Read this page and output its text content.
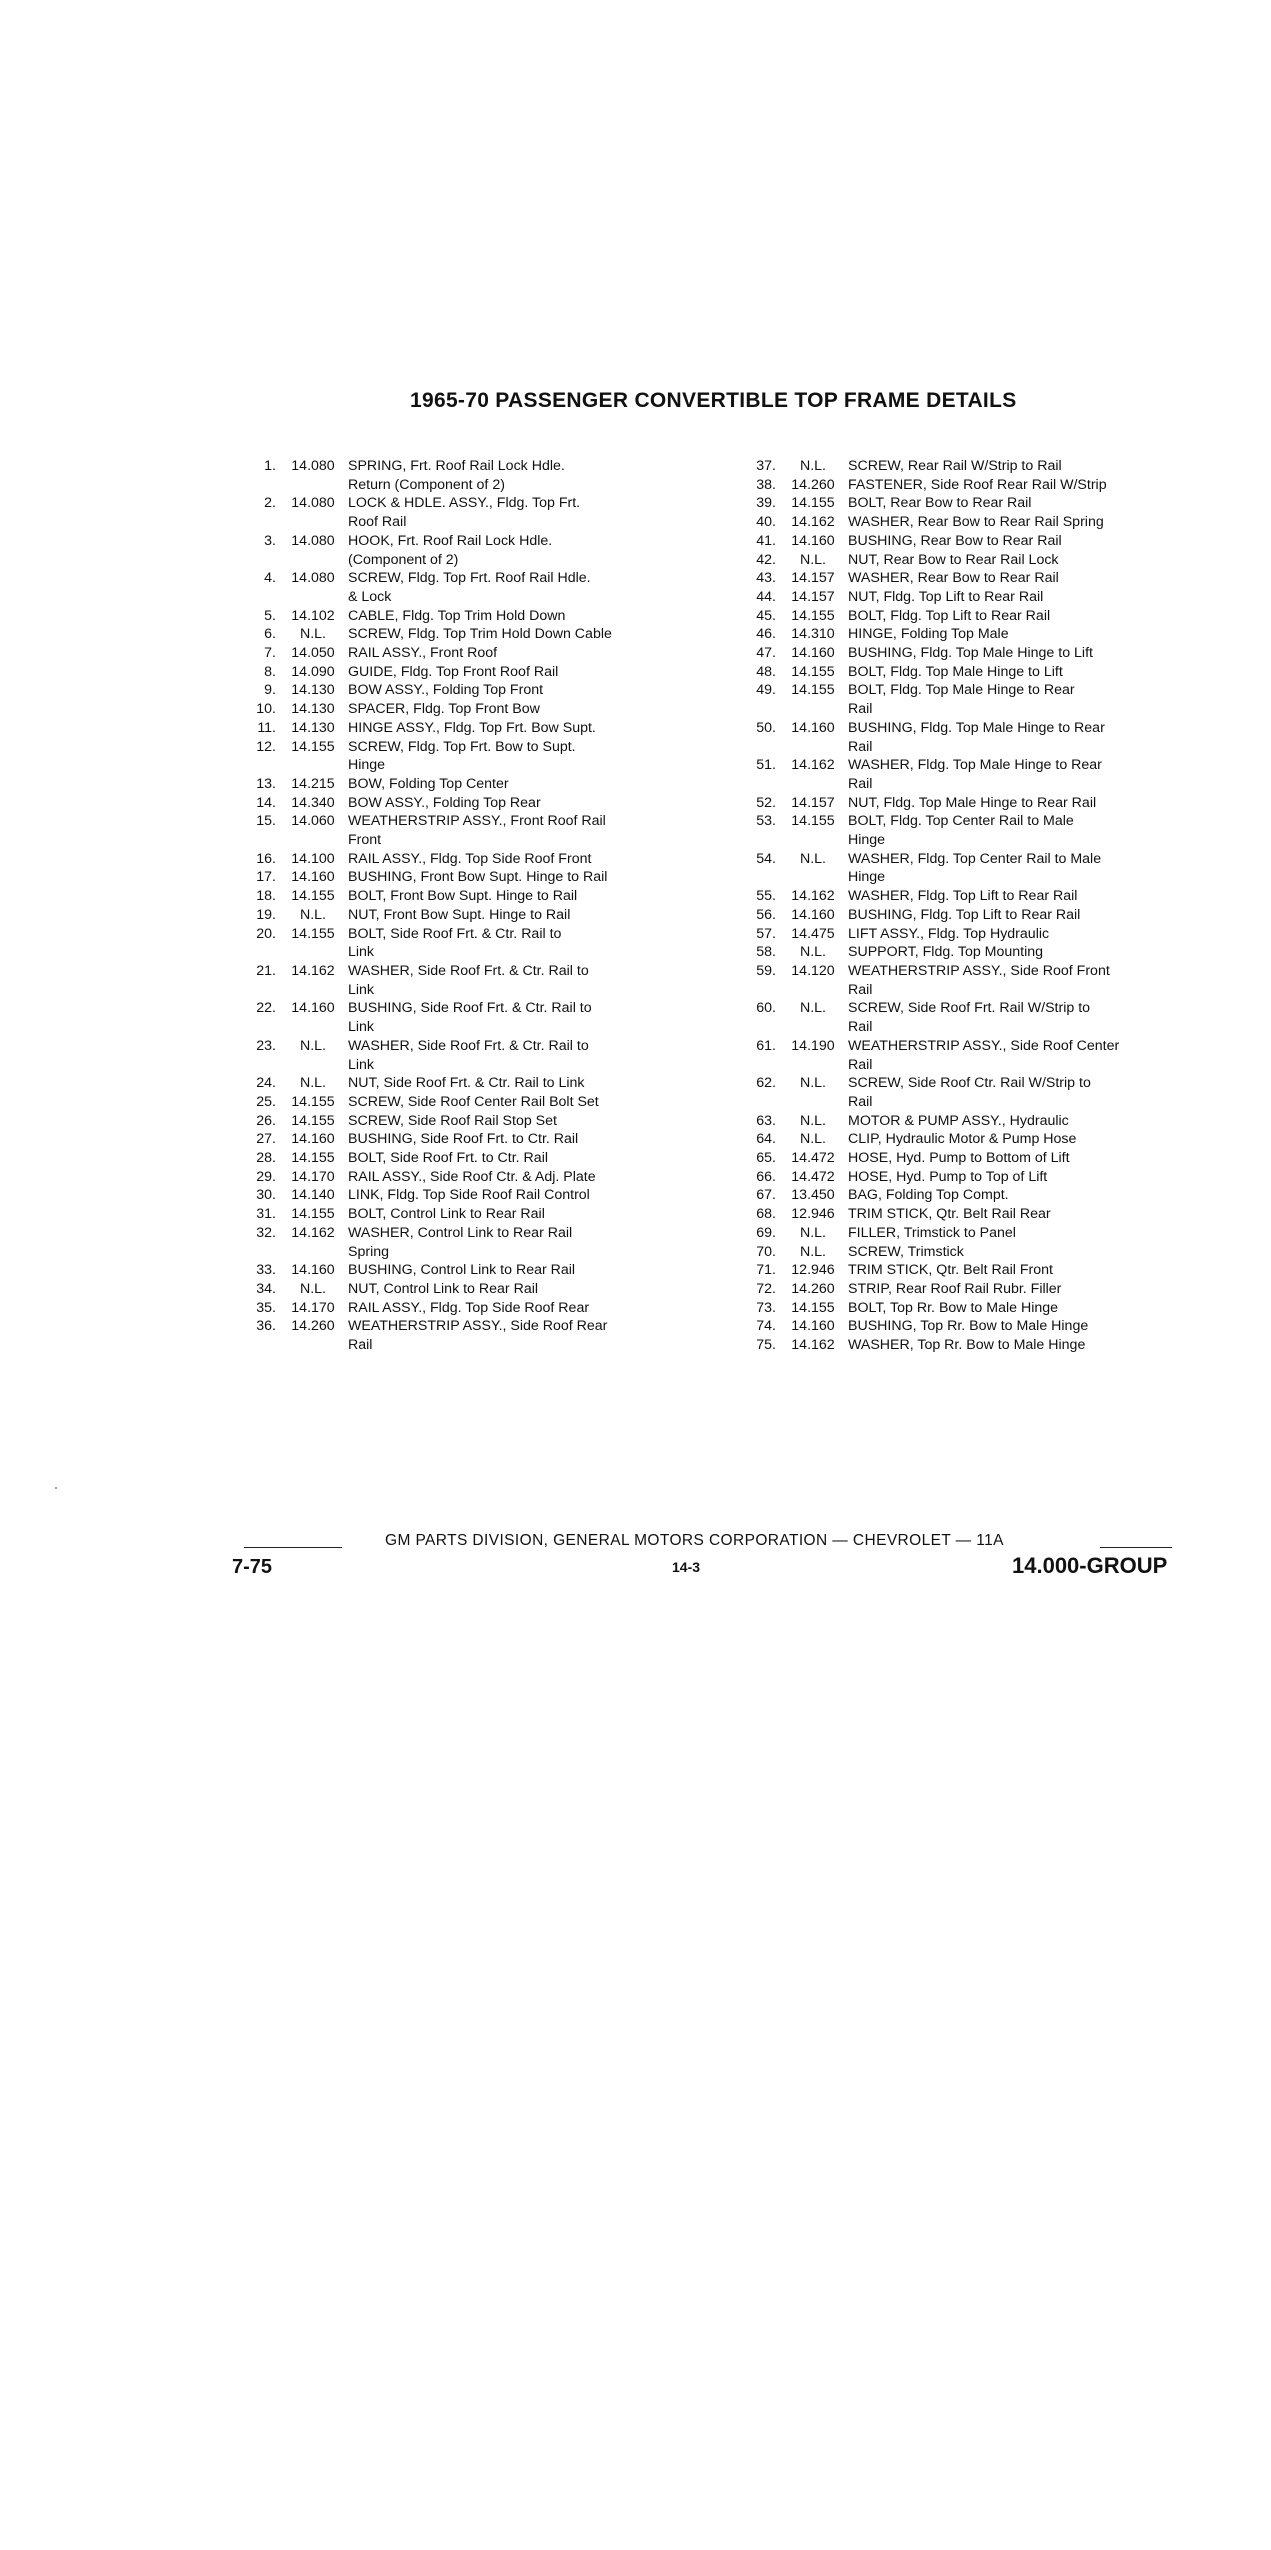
1965-70 PASSENGER CONVERTIBLE TOP FRAME DETAILS
1.	14.080 SPRING, Frt. Roof Rail Lock Hdle.
Return (Component of 2)
2.	14.080 LOCK & HDLE. ASSY., Fldg. Top Frt.
Roof Rail
3.	14.080 HOOK, Frt. Roof Rail Lock Hdle.
(Component of 2)
4.	14.080 SCREW, Fldg. Top Frt. Roof Rail Hdle.
& Lock
5.	14.102 CABLE, Fldg. Top Trim Hold Down
6.	N.L.	SCREW, Fldg. Top Trim Hold Down Cable
7.	14.050 RAIL ASSY., Front Roof
8.	14.090 GUIDE, Fldg. Top Front Roof Rail
9.	14.130 BOW ASSY., Folding Top Front
10.	14.130 SPACER, Fldg. Top Front Bow
11.	14.130 HINGE ASSY., Fldg. Top Frt. Bow Supt.
12.	14.155 SCREW, Fldg. Top Frt. Bow to Supt.
Hinge
13.	14.215 BOW, Folding Top Center
14.	14.340 BOW ASSY., Folding Top Rear
15.	14.060 WEATHERSTRIP ASSY., Front Roof Rail
Front
16.	14.100 RAIL ASSY., Fldg. Top Side Roof Front
17.	14.160 BUSHING, Front Bow Supt. Hinge to Rail
18.	14.155 BOLT, Front Bow Supt. Hinge to Rail
19.	N.L.	NUT, Front Bow Supt. Hinge to Rail
20.	14.155 BOLT, Side Roof Frt. & Ctr. Rail to
Link
21.	14.162 WASHER, Side Roof Frt. & Ctr. Rail to
Link
22.	14.160 BUSHING, Side Roof Frt. & Ctr. Rail to
Link
23.	N.L.	WASHER, Side Roof Frt. & Ctr. Rail to
Link
24.	N.L.	NUT, Side Roof Frt. & Ctr. Rail to Link
25.	14.155 SCREW, Side Roof Center Rail Bolt Set
26.	14.155 SCREW, Side Roof Rail Stop Set
27.	14.160 BUSHING, Side Roof Frt. to Ctr. Rail
28.	14.155 BOLT, Side Roof Frt. to Ctr. Rail
29.	14.170 RAIL ASSY., Side Roof Ctr. & Adj. Plate
30.	14.140 LINK, Fldg. Top Side Roof Rail Control
31.	14.155 BOLT, Control Link to Rear Rail
32.	14.162 WASHER, Control Link to Rear Rail
Spring
33.	14.160 BUSHING, Control Link to Rear Rail
34.	N.L.	NUT, Control Link to Rear Rail
35.	14.170 RAIL ASSY., Fldg. Top Side Roof Rear
36.	14.260 WEATHERSTRIP ASSY., Side Roof Rear
Rail
37.	N.L.	SCREW, Rear Rail W/Strip to Rail
38.	14.260 FASTENER, Side Roof Rear Rail W/Strip
39.	14.155 BOLT, Rear Bow to Rear Rail
40.	14.162 WASHER, Rear Bow to Rear Rail Spring
41.	14.160 BUSHING, Rear Bow to Rear Rail
42.	N.L.	NUT, Rear Bow to Rear Rail Lock
43.	14.157 WASHER, Rear Bow to Rear Rail
44.	14.157 NUT, Fldg. Top Lift to Rear Rail
45.	14.155 BOLT, Fldg. Top Lift to Rear Rail
46.	14.310 HINGE, Folding Top Male
47.	14.160 BUSHING, Fldg. Top Male Hinge to Lift
48.	14.155 BOLT, Fldg. Top Male Hinge to Lift
49.	14.155 BOLT, Fldg. Top Male Hinge to Rear
Rail
50.	14.160 BUSHING, Fldg. Top Male Hinge to Rear
Rail
51.	14.162 WASHER, Fldg. Top Male Hinge to Rear
Rail
52.	14.157 NUT, Fldg. Top Male Hinge to Rear Rail
53.	14.155 BOLT, Fldg. Top Center Rail to Male
Hinge
54.	N.L.	WASHER, Fldg. Top Center Rail to Male
Hinge
55.	14.162 WASHER, Fldg. Top Lift to Rear Rail
56.	14.160 BUSHING, Fldg. Top Lift to Rear Rail
57.	14.475 LIFT ASSY., Fldg. Top Hydraulic
58.	N.L.	SUPPORT, Fldg. Top Mounting
59.	14.120 WEATHERSTRIP ASSY., Side Roof Front
Rail
60.	N.L.	SCREW, Side Roof Frt. Rail W/Strip to
Rail
61.	14.190 WEATHERSTRIP ASSY., Side Roof Center
Rail
62.	N.L.	SCREW, Side Roof Ctr. Rail W/Strip to
Rail
63.	N.L.	MOTOR & PUMP ASSY., Hydraulic
64.	N.L.	CLIP, Hydraulic Motor & Pump Hose
65.	14.472 HOSE, Hyd. Pump to Bottom of Lift
66.	14.472 HOSE, Hyd. Pump to Top of Lift
67.	13.450 BAG, Folding Top Compt.
68.	12.946 TRIM STICK, Qtr. Belt Rail Rear
69.	N.L.	FILLER, Trimstick to Panel
70.	N.L.	SCREW, Trimstick
71.	12.946 TRIM STICK, Qtr. Belt Rail Front
72.	14.260 STRIP, Rear Roof Rail Rubr. Filler
73.	14.155 BOLT, Top Rr. Bow to Male Hinge
74.	14.160 BUSHING, Top Rr. Bow to Male Hinge
75.	14.162 WASHER, Top Rr. Bow to Male Hinge
GM PARTS DIVISION, GENERAL MOTORS CORPORATION — CHEVROLET — 11A
7-75	14-3	14.000-GROUP
